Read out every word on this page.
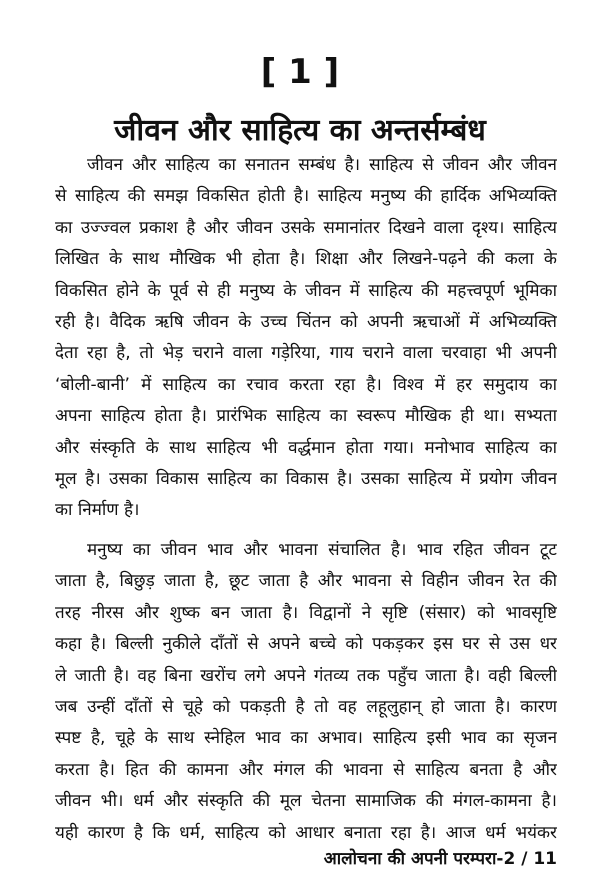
[ 1 ]
जीवन और साहित्य का अन्तर्सम्बंध
जीवन और साहित्य का सनातन सम्बंध है। साहित्य से जीवन और जीवन
से साहित्य की समझ विकसित होती है। साहित्य मनुष्य की हार्दिक अभिव्यक्ति
का उज्ज्वल प्रकाश है और जीवन उसके समानांतर दिखने वाला दृश्य। साहित्य
लिखित के साथ मौखिक भी होता है। शिक्षा और लिखने-पढ़ने की कला के
विकसित होने के पूर्व से ही मनुष्य के जीवन में साहित्य की महत्त्वपूर्ण भूमिका
रही है। वैदिक ऋषि जीवन के उच्च चिंतन को अपनी ऋचाओं में अभिव्यक्ति
देता रहा है, तो भेड़ चराने वाला गड़ेरिया, गाय चराने वाला चरवाहा भी अपनी
‘बोली-बानी’ में साहित्य का रचाव करता रहा है। विश्व में हर समुदाय का
अपना साहित्य होता है। प्रारंभिक साहित्य का स्वरूप मौखिक ही था। सभ्यता
और संस्कृति के साथ साहित्य भी वर्द्धमान होता गया। मनोभाव साहित्य का
मूल है। उसका विकास साहित्य का विकास है। उसका साहित्य में प्रयोग जीवन
का निर्माण है।
मनुष्य का जीवन भाव और भावना संचालित है। भाव रहित जीवन टूट
जाता है, बिछुड़ जाता है, छूट जाता है और भावना से विहीन जीवन रेत की
तरह नीरस और शुष्क बन जाता है। विद्वानों ने सृष्टि (संसार) को भावसृष्टि
कहा है। बिल्ली नुकीले दाँतों से अपने बच्चे को पकड़कर इस घर से उस धर
ले जाती है। वह बिना खरोंच लगे अपने गंतव्य तक पहुँच जाता है। वही बिल्ली
जब उन्हीं दाँतों से चूहे को पकड़ती है तो वह लहूलुहान् हो जाता है। कारण
स्पष्ट है, चूहे के साथ स्नेहिल भाव का अभाव। साहित्य इसी भाव का सृजन
करता है। हित की कामना और मंगल की भावना से साहित्य बनता है और
जीवन भी। धर्म और संस्कृति की मूल चेतना सामाजिक की मंगल-कामना है।
यही कारण है कि धर्म, साहित्य को आधार बनाता रहा है। आज धर्म भयंकर
आलोचना की अपनी परम्परा-2 / 11
